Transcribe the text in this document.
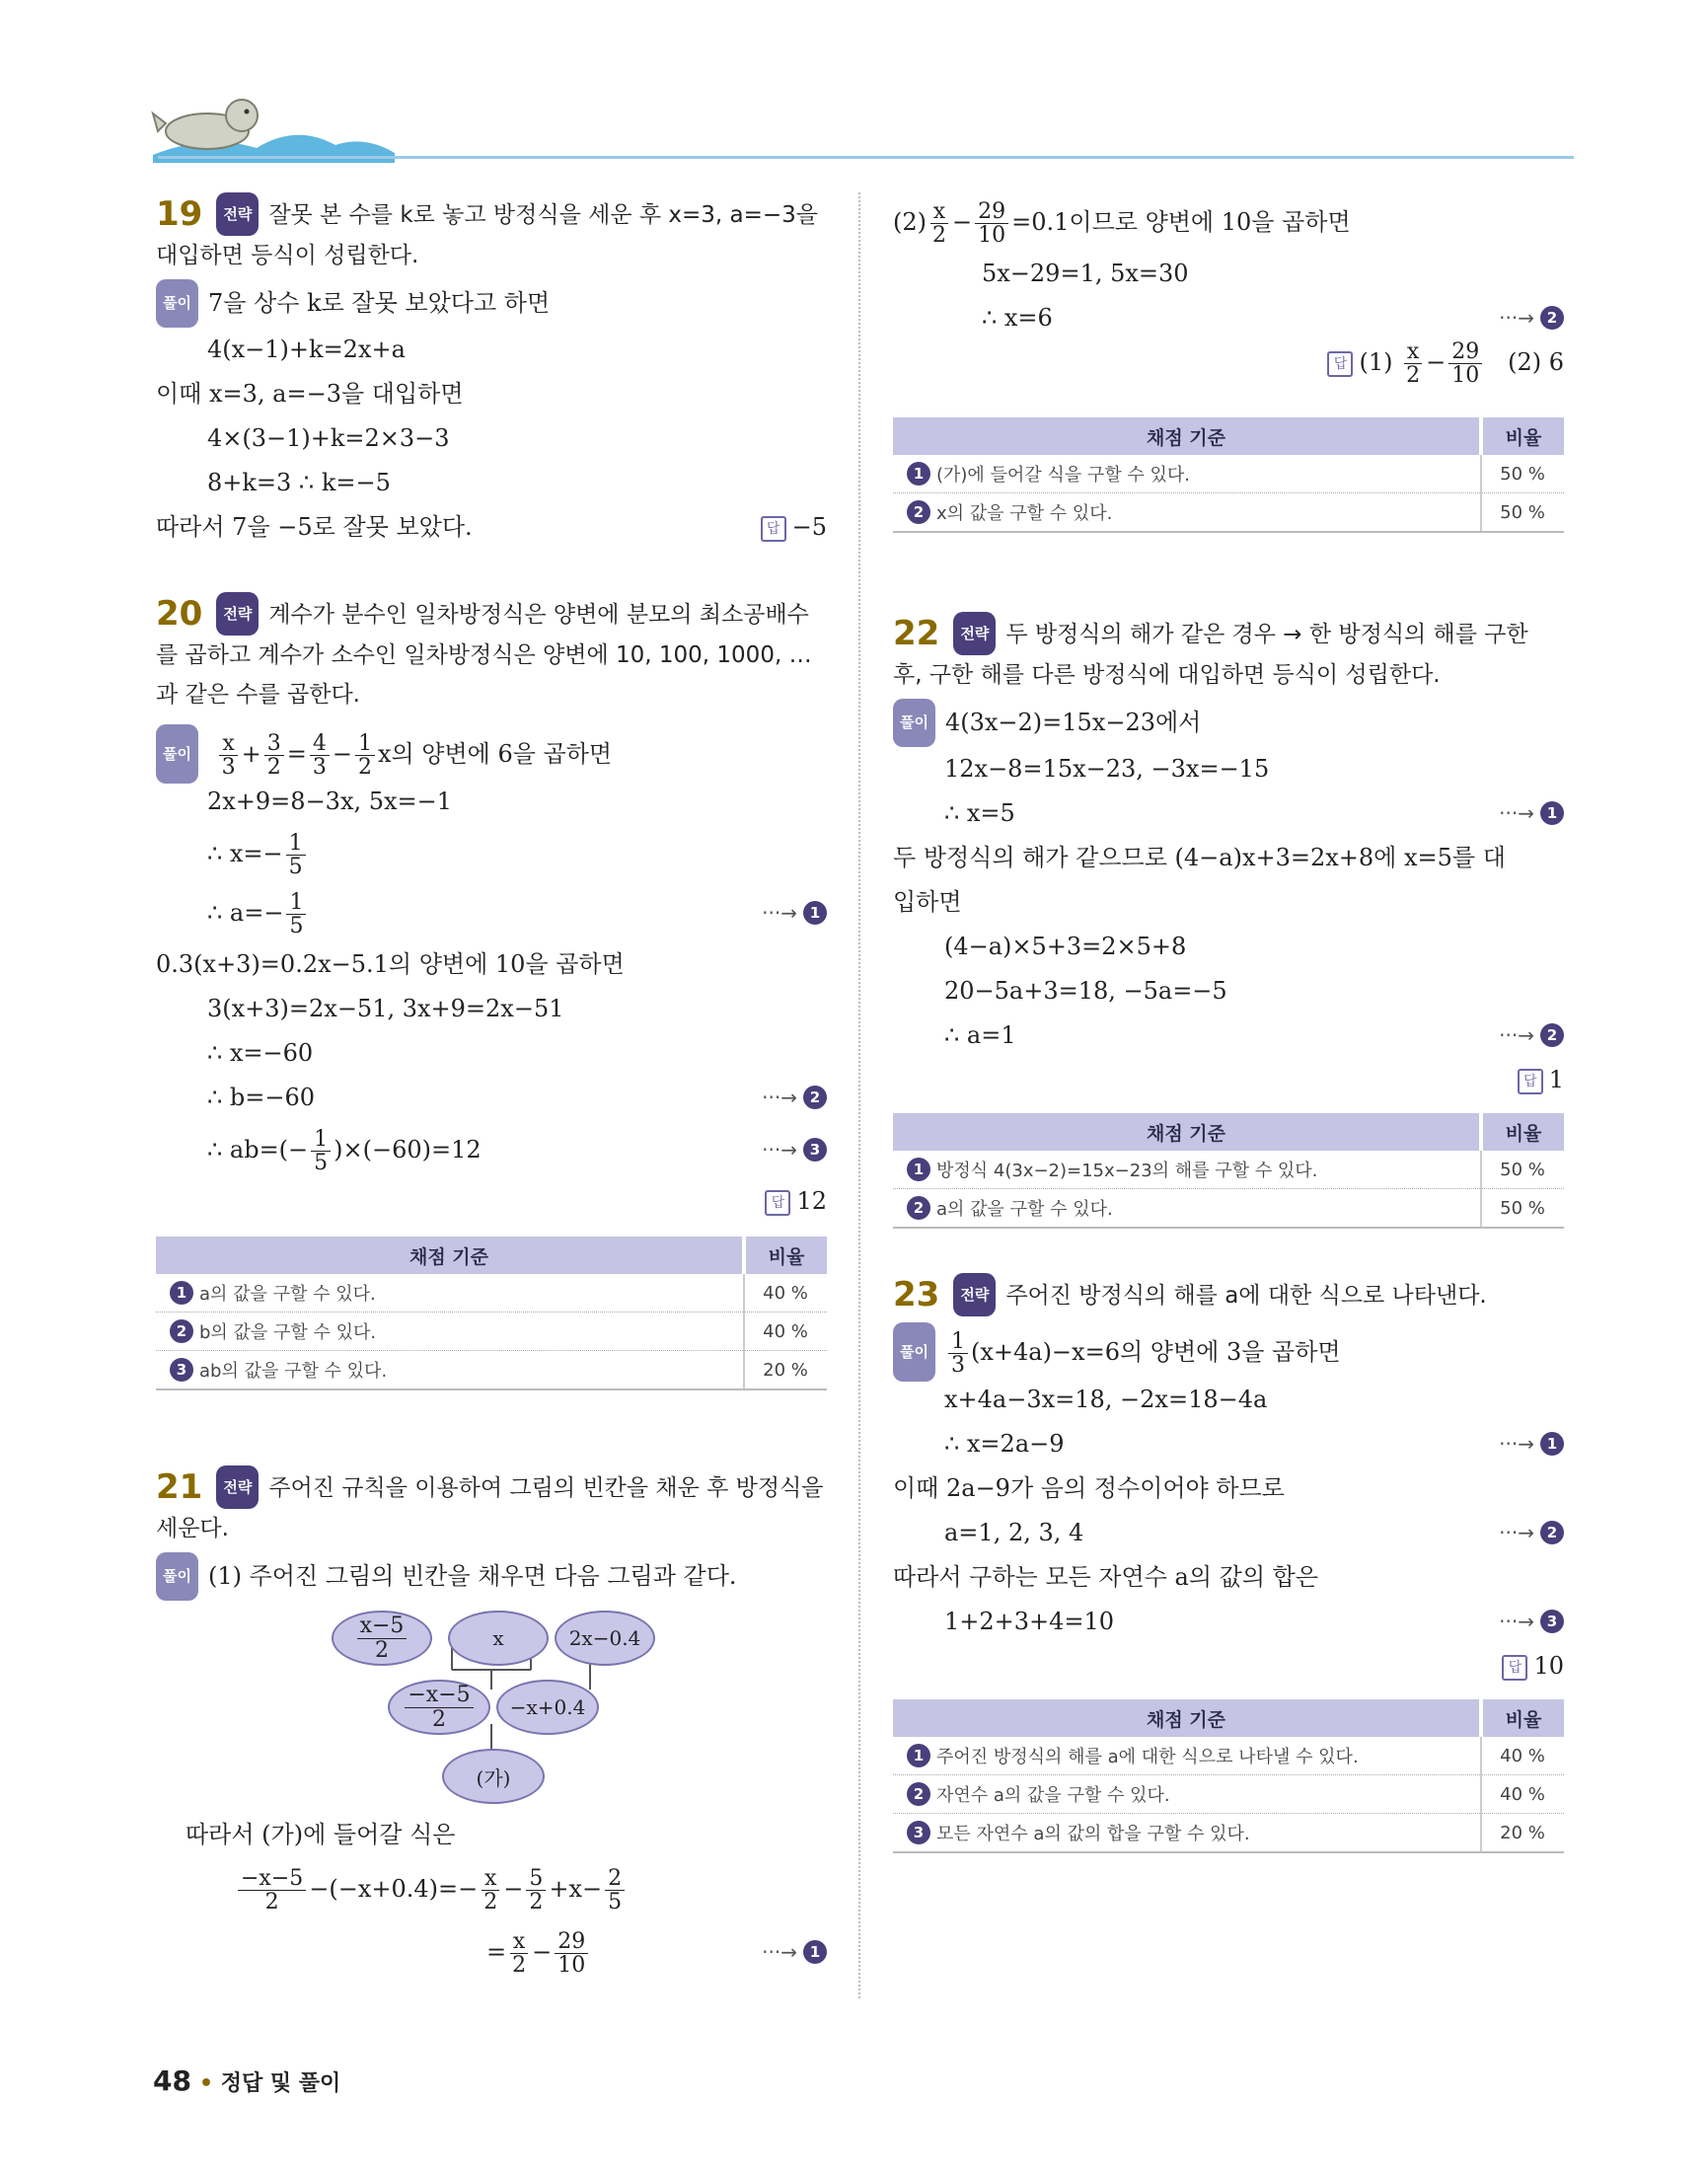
19 전략 잘못 본 수를 k로 놓고 방정식을 세운 후 x=3, a=−3을 대입하면 등식이 성립한다.
풀이 7을 상수 k로 잘못 보았다고 하면
4(x−1)+k=2x+a
이때 x=3, a=−3을 대입하면
4×(3−1)+k=2×3−3
8+k=3 ∴ k=−5
따라서 7을 −5로 잘못 보았다.	답 −5
20 전략 계수가 분수인 일차방정식은 양변에 분모의 최소공배수를 곱하고 계수가 소수인 일차방정식은 양변에 10, 100, 1000, …과 같은 수를 곱한다.
풀이 $\frac{x}{3} + \frac{3}{2} = \frac{4}{3} - \frac{1}{2}$ x의 양변에 6을 곱하면
2x+9=8−3x, 5x=−1
∴ $x=- \frac{1}{5}$
∴ $a=- \frac{1}{5}$	···→ 1
0.3(x+3)=0.2x−5.1의 양변에 10을 곱하면
3(x+3)=2x−51, 3x+9=2x−51
∴ x=−60
∴ b=−60	···→ 2
∴ $ab=(- \frac{1}{5} )\times(-60)=12$	···→ 3
답 12
채점 기준	비율
1 a의 값을 구할 수 있다.	40 %
2 b의 값을 구할 수 있다.	40 %
3 ab의 값을 구할 수 있다.	20 %
21 전략 주어진 규칙을 이용하여 그림의 빈칸을 채운 후 방정식을 세운다.
풀이 (1) 주어진 그림의 빈칸을 채우면 다음 그림과 같다.
$\frac{x-5}{2}$	x	2x−0.4
$\frac{-x-5}{2}$	−x+0.4
(가)
따라서 (가)에 들어갈 식은
$\frac{-x-5}{2} -(-x+0.4)=- \frac{x}{2} - \frac{5}{2} +x- \frac{2}{5}$
= $\frac{x}{2} - \frac{29}{10}$	···→ 1
$(2) \frac{x}{2} - \frac{29}{10} =0.1$이므로 양변에 10을 곱하면
5x−29=1, 5x=30
∴ x=6	···→ 2
답 $(1) \frac{x}{2} - \frac{29}{10} (2)$ 6
채점 기준	비율
1 (가)에 들어갈 식을 구할 수 있다.	50 %
2 x의 값을 구할 수 있다.	50 %
22 전략 두 방정식의 해가 같은 경우 → 한 방정식의 해를 구한 후, 구한 해를 다른 방정식에 대입하면 등식이 성립한다.
풀이 4(3x−2)=15x−23에서
12x−8=15x−23, −3x=−15
∴ x=5	···→ 1
두 방정식의 해가 같으므로 (4−a)x+3=2x+8에 x=5를 대
입하면
(4−a)×5+3=2×5+8
20−5a+3=18, −5a=−5
∴ a=1	···→ 2
답 1
채점 기준	비율
1 방정식 4(3x−2)=15x−23의 해를 구할 수 있다.	50 %
2 a의 값을 구할 수 있다.	50 %
23 전략 주어진 방정식의 해를 a에 대한 식으로 나타낸다.
풀이 $\frac{1}{3} (x+4a)-x=6$의 양변에 3을 곱하면
x+4a−3x=18, −2x=18−4a
∴ x=2a−9	···→ 1
이때 2a−9가 음의 정수이어야 하므로
a=1, 2, 3, 4	···→ 2
따라서 구하는 모든 자연수 a의 값의 합은
1+2+3+4=10	···→ 3
답 10
채점 기준	비율
1 주어진 방정식의 해를 a에 대한 식으로 나타낼 수 있다.	40 %
2 자연수 a의 값을 구할 수 있다.	40 %
3 모든 자연수 a의 값의 합을 구할 수 있다.	20 %
48 • 정답 및 풀이
